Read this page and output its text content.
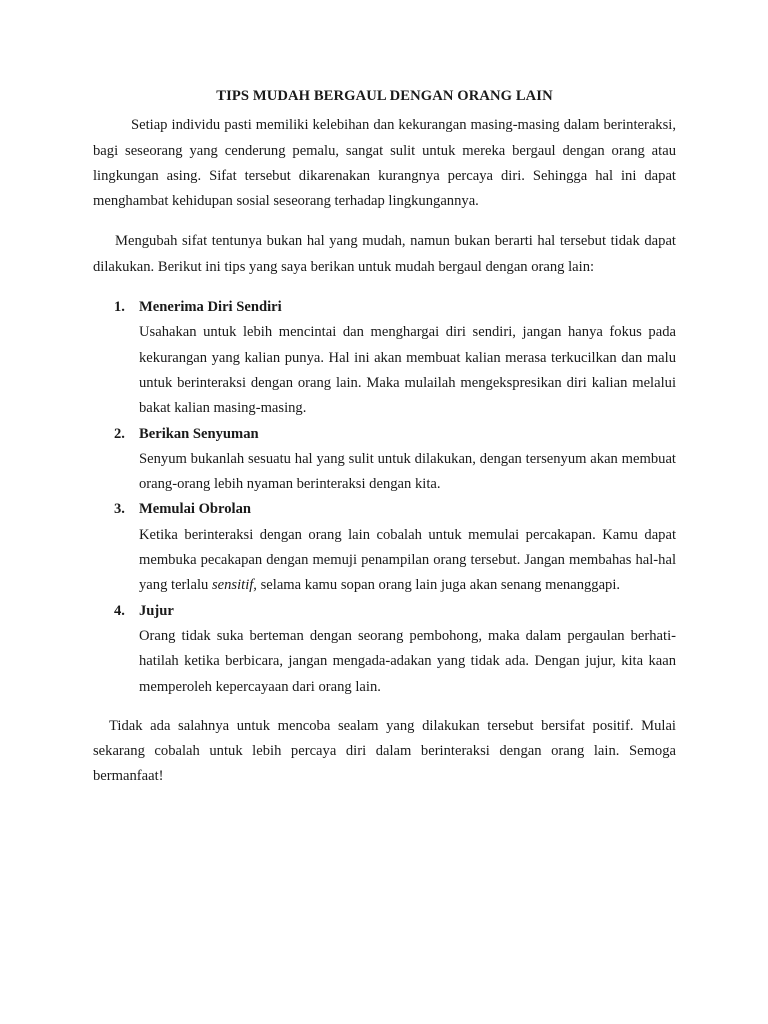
TIPS MUDAH BERGAUL DENGAN ORANG LAIN

Setiap individu pasti memiliki kelebihan dan kekurangan masing-masing dalam berinteraksi, bagi seseorang yang cenderung pemalu, sangat sulit untuk mereka bergaul dengan orang atau lingkungan asing. Sifat tersebut dikarenakan kurangnya percaya diri. Sehingga hal ini dapat menghambat kehidupan sosial seseorang terhadap lingkungannya.

Mengubah sifat tentunya bukan hal yang mudah, namun bukan berarti hal tersebut tidak dapat dilakukan. Berikut ini tips yang saya berikan untuk mudah bergaul dengan orang lain:

1. Menerima Diri Sendiri
Usahakan untuk lebih mencintai dan menghargai diri sendiri, jangan hanya fokus pada kekurangan yang kalian punya. Hal ini akan membuat kalian merasa terkucilkan dan malu untuk berinteraksi dengan orang lain. Maka mulailah mengekspresikan diri kalian melalui bakat kalian masing-masing.
2. Berikan Senyuman
Senyum bukanlah sesuatu hal yang sulit untuk dilakukan, dengan tersenyum akan membuat orang-orang lebih nyaman berinteraksi dengan kita.
3. Memulai Obrolan
Ketika berinteraksi dengan orang lain cobalah untuk memulai percakapan. Kamu dapat membuka pecakapan dengan memuji penampilan orang tersebut. Jangan membahas hal-hal yang terlalu sensitif, selama kamu sopan orang lain juga akan senang menanggapi.
4. Jujur
Orang tidak suka berteman dengan seorang pembohong, maka dalam pergaulan berhati-hatilah ketika berbicara, jangan mengada-adakan yang tidak ada. Dengan jujur, kita kaan memperoleh kepercayaan dari orang lain.

Tidak ada salahnya untuk mencoba sealam yang dilakukan tersebut bersifat positif. Mulai sekarang cobalah untuk lebih percaya diri dalam berinteraksi dengan orang lain. Semoga bermanfaat!
